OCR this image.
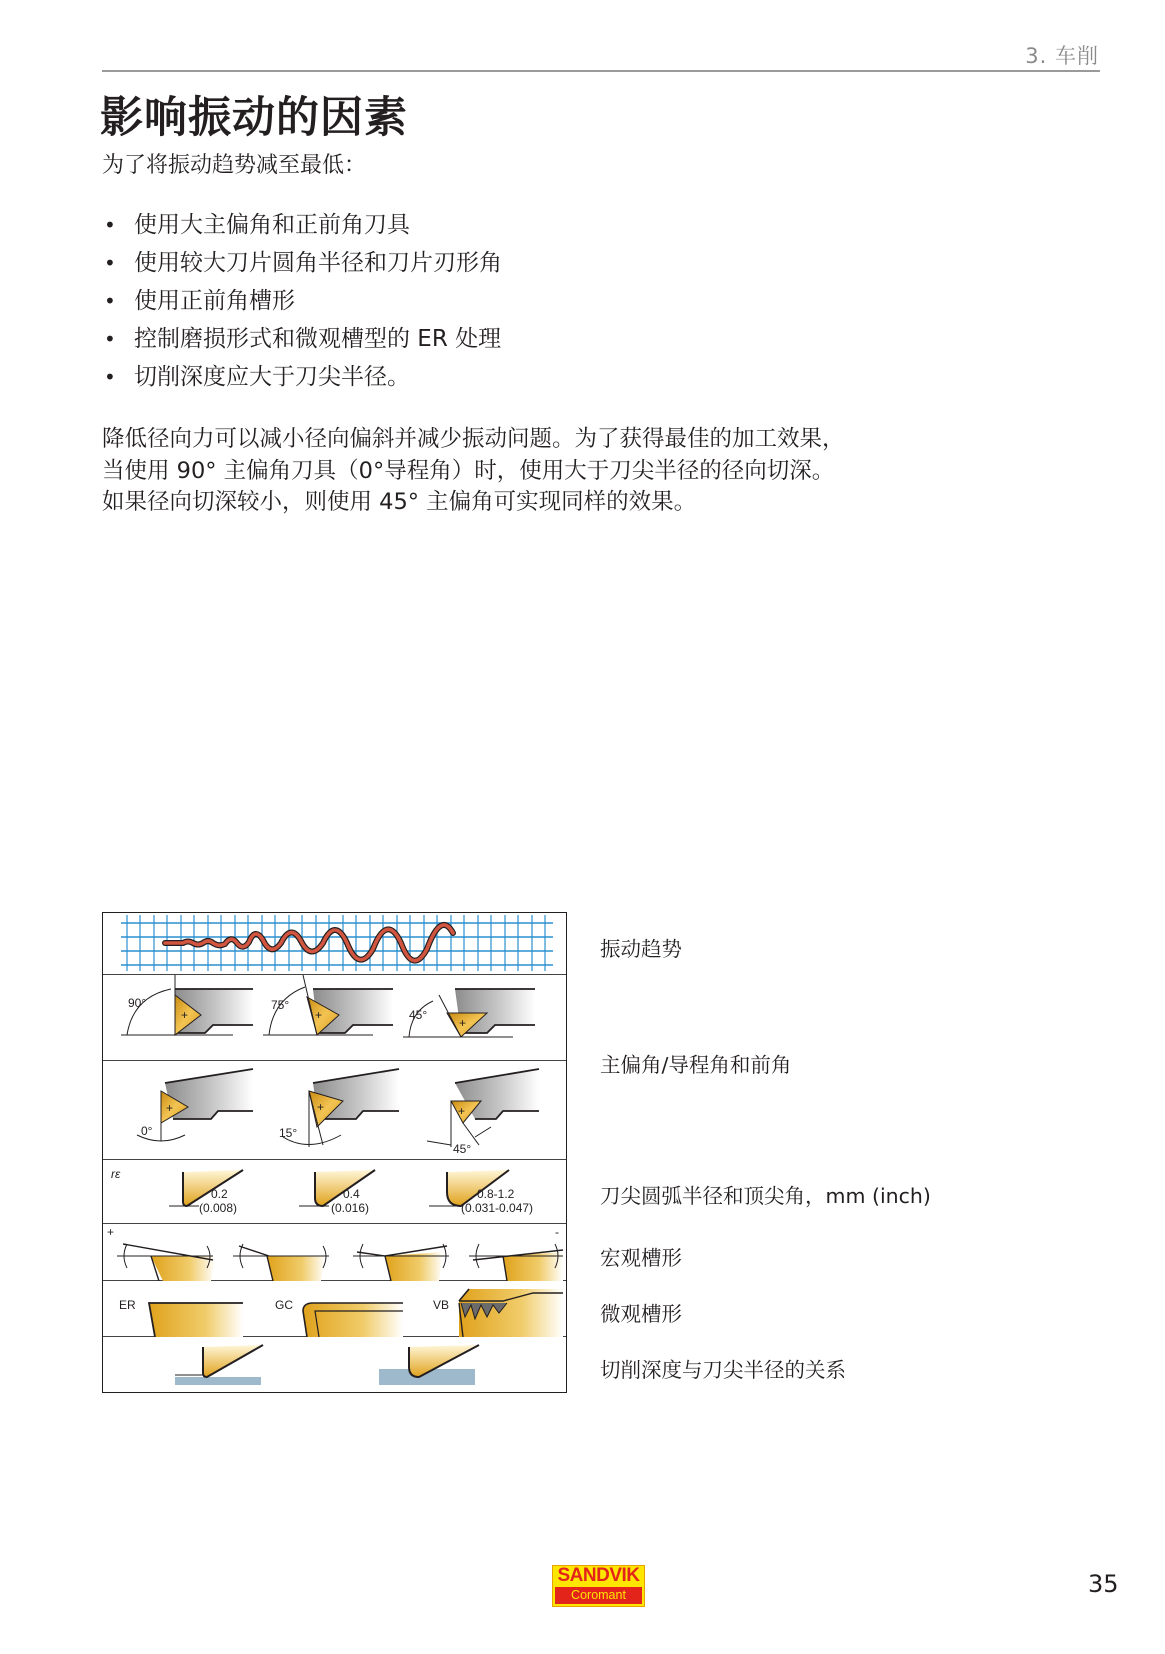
3. 车削
影响振动的因素
为了将振动趋势减至最低：
• 使用大主偏角和正前角刀具
• 使用较大刀片圆角半径和刀片刃形角
• 使用正前角槽形
• 控制磨损形式和微观槽型的 ER 处理
• 切削深度应大于刀尖半径。
降低径向力可以减小径向偏斜并减少振动问题。为了获得最佳的加工效果，当使用 90° 主偏角刀具（0°导程角）时，使用大于刀尖半径的径向切深。如果径向切深较小，则使用 45° 主偏角可实现同样的效果。
+
90°
+
75°
+
45°
+
0°
+
15°
+
45°
rε
0.2
(0.008)
0.4
(0.016)
0.8-1.2
(0.031-0.047)
+	-
ER	GC	VB
振动趋势
主偏角/导程角和前角
刀尖圆弧半径和顶尖角，mm (inch)
宏观槽形
微观槽形
切削深度与刀尖半径的关系
SANDVIK
Coromant	35
